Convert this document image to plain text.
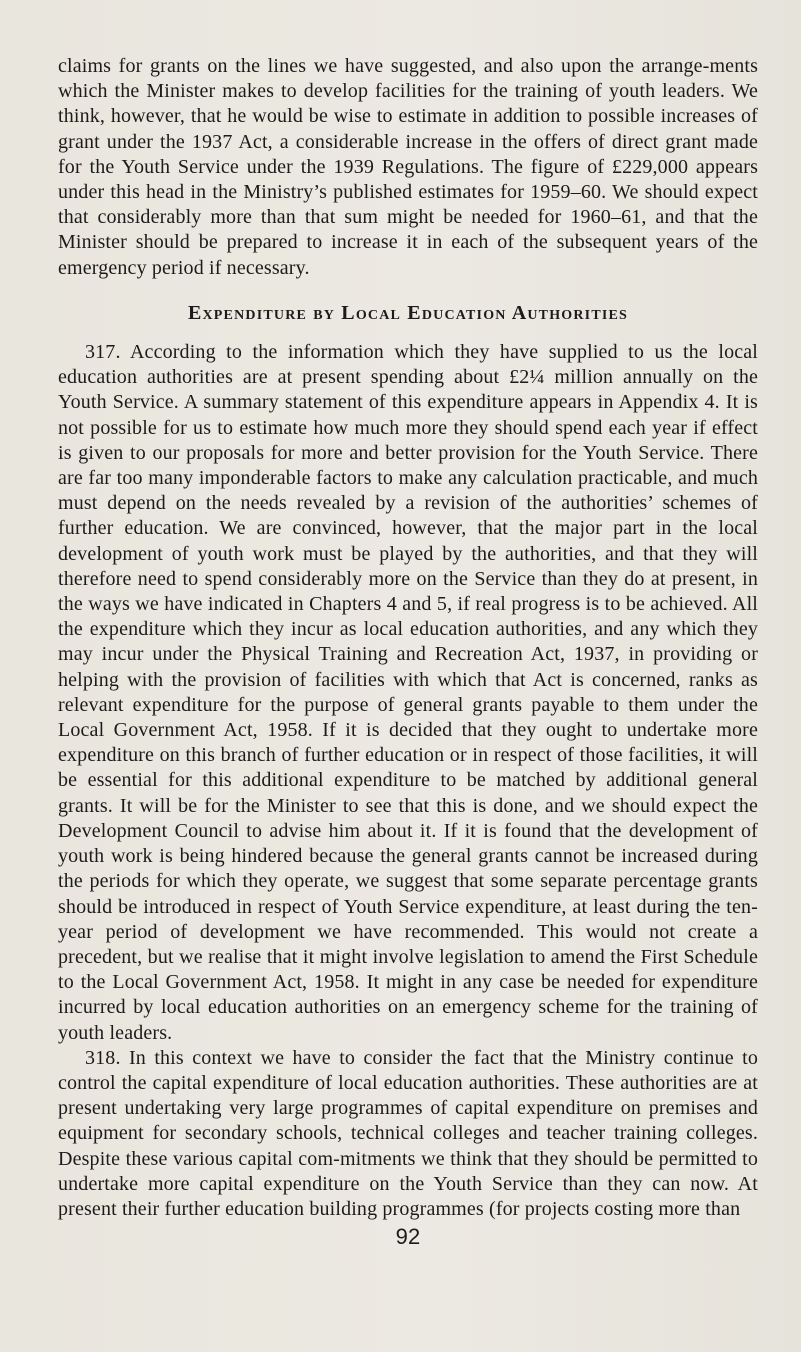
claims for grants on the lines we have suggested, and also upon the arrange-ments which the Minister makes to develop facilities for the training of youth leaders. We think, however, that he would be wise to estimate in addition to possible increases of grant under the 1937 Act, a considerable increase in the offers of direct grant made for the Youth Service under the 1939 Regulations. The figure of £229,000 appears under this head in the Ministry’s published estimates for 1959–60. We should expect that considerably more than that sum might be needed for 1960–61, and that the Minister should be prepared to increase it in each of the subsequent years of the emergency period if necessary.

Expenditure by Local Education Authorities

317. According to the information which they have supplied to us the local education authorities are at present spending about £2¼ million annually on the Youth Service. A summary statement of this expenditure appears in Appendix 4. It is not possible for us to estimate how much more they should spend each year if effect is given to our proposals for more and better provision for the Youth Service. There are far too many imponderable factors to make any calculation practicable, and much must depend on the needs revealed by a revision of the authorities’ schemes of further education. We are convinced, however, that the major part in the local development of youth work must be played by the authorities, and that they will therefore need to spend considerably more on the Service than they do at present, in the ways we have indicated in Chapters 4 and 5, if real progress is to be achieved. All the expenditure which they incur as local education authorities, and any which they may incur under the Physical Training and Recreation Act, 1937, in providing or helping with the provision of facilities with which that Act is concerned, ranks as relevant expenditure for the purpose of general grants payable to them under the Local Government Act, 1958. If it is decided that they ought to undertake more expenditure on this branch of further education or in respect of those facilities, it will be essential for this additional expenditure to be matched by additional general grants. It will be for the Minister to see that this is done, and we should expect the Development Council to advise him about it. If it is found that the development of youth work is being hindered because the general grants cannot be increased during the periods for which they operate, we suggest that some separate percentage grants should be introduced in respect of Youth Service expenditure, at least during the ten-year period of development we have recommended. This would not create a precedent, but we realise that it might involve legislation to amend the First Schedule to the Local Government Act, 1958. It might in any case be needed for expenditure incurred by local education authorities on an emergency scheme for the training of youth leaders.

318. In this context we have to consider the fact that the Ministry continue to control the capital expenditure of local education authorities. These authorities are at present undertaking very large programmes of capital expenditure on premises and equipment for secondary schools, technical colleges and teacher training colleges. Despite these various capital com-mitments we think that they should be permitted to undertake more capital expenditure on the Youth Service than they can now. At present their further education building programmes (for projects costing more than

92
